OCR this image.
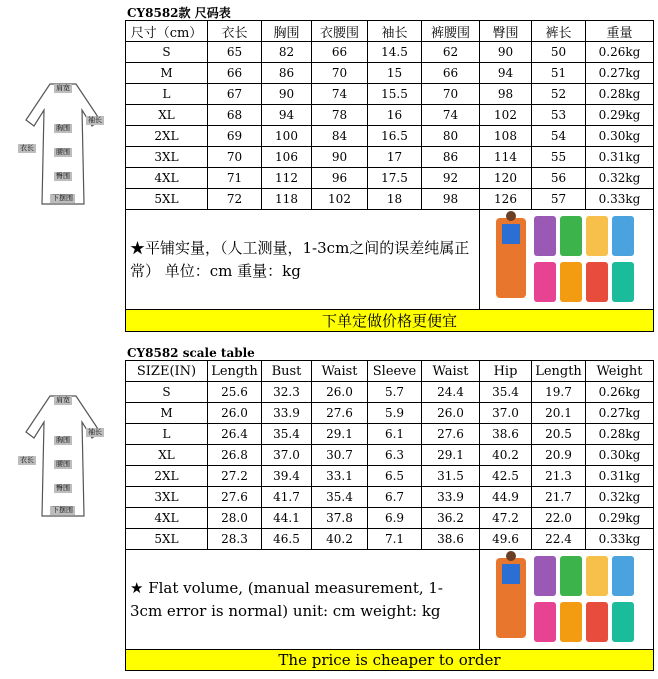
肩宽
胸围
袖长
腰围
衣长
臀围
下摆围
肩宽
胸围
袖长
腰围
衣长
臀围
下摆围
CY8582款 尺码表
尺寸（cm）	衣长	胸围	衣腰围	袖长	裤腰围	臀围	裤长	重量
S	65	82	66	14.5	62	90	50	0.26kg
M	66	86	70	15	66	94	51	0.27kg
L	67	90	74	15.5	70	98	52	0.28kg
XL	68	94	78	16	74	102	53	0.29kg
2XL	69	100	84	16.5	80	108	54	0.30kg
3XL	70	106	90	17	86	114	55	0.31kg
4XL	71	112	96	17.5	92	120	56	0.32kg
5XL	72	118	102	18	98	126	57	0.33kg

★平铺实量，（人工测量，1-3cm之间的误差纯属正常） 单位：cm 重量：kg

下单定做价格更便宜								
CY8582 scale table
SIZE(IN)	Length	Bust	Waist	Sleeve	Waist	Hip	Length	Weight
S	25.6	32.3	26.0	5.7	24.4	35.4	19.7	0.26kg
M	26.0	33.9	27.6	5.9	26.0	37.0	20.1	0.27kg
L	26.4	35.4	29.1	6.1	27.6	38.6	20.5	0.28kg
XL	26.8	37.0	30.7	6.3	29.1	40.2	20.9	0.30kg
2XL	27.2	39.4	33.1	6.5	31.5	42.5	21.3	0.31kg
3XL	27.6	41.7	35.4	6.7	33.9	44.9	21.7	0.32kg
4XL	28.0	44.1	37.8	6.9	36.2	47.2	22.0	0.29kg
5XL	28.3	46.5	40.2	7.1	38.6	49.6	22.4	0.33kg

★ Flat volume, (manual measurement, 1-3cm error is normal) unit: cm weight: kg

The price is cheaper to order								
